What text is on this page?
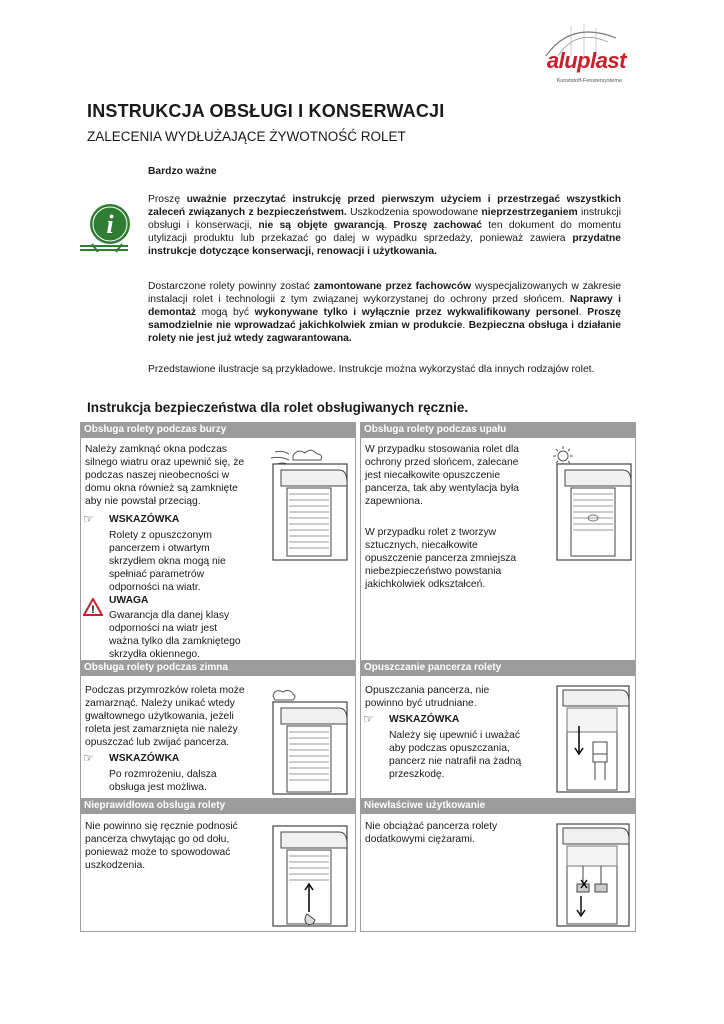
aluplast
Kunststoff-Fenstersysteme
INSTRUKCJA OBSŁUGI I KONSERWACJI
ZALECENIA WYDŁUŻAJĄCE ŻYWOTNOŚĆ ROLET
i
Bardzo ważne
Proszę uważnie przeczytać instrukcję przed pierwszym użyciem i przestrzegać wszystkich zaleceń związanych z bezpieczeństwem. Uszkodzenia spowodowane nieprzestrzeganiem instrukcji obsługi i konserwacji, nie są objęte gwarancją. Proszę zachować ten dokument do momentu utylizacji produktu lub przekazać go dalej w wypadku sprzedaży, ponieważ zawiera przydatne instrukcje dotyczące konserwacji, renowacji i użytkowania.
Dostarczone rolety powinny zostać zamontowane przez fachowców wyspecjalizowanych w zakresie instalacji rolet i technologii z tym związanej wykorzystanej do ochrony przed słońcem. Naprawy i demontaż mogą być wykonywane tylko i wyłącznie przez wykwalifikowany personel. Proszę samodzielnie nie wprowadzać jakichkolwiek zmian w produkcie. Bezpieczna obsługa i działanie rolety nie jest już wtedy zagwarantowana.
Przedstawione ilustracje są przykładowe. Instrukcje można wykorzystać dla innych rodzajów rolet.
Instrukcja bezpieczeństwa dla rolet obsługiwanych ręcznie.
Obsługa rolety podczas burzy	Obsługa rolety podczas upału
Należy zamknąć okna podczas
silnego wiatru oraz upewnić się, że
podczas naszej nieobecności w
domu okna również są zamknięte
aby nie powstał przeciąg.
☞ WSKAZÓWKA
Rolety z opuszczonym
pancerzem i otwartym
skrzydłem okna mogą nie
spełniać parametrów
odporności na wiatr.
!
UWAGA
Gwarancja dla danej klasy
odporności na wiatr jest
ważna tylko dla zamkniętego
skrzydła okiennego.
W przypadku stosowania rolet dla
ochrony przed słońcem, zalecane
jest niecałkowite opuszczenie
pancerza, tak aby wentylacja była
zapewniona.
W przypadku rolet z tworzyw
sztucznych, niecałkowite
opuszczenie pancerza zmniejsza
niebezpieczeństwo powstania
jakichkolwiek odkształceń.
Obsługa rolety podczas zimna	Opuszczanie pancerza rolety
Podczas przymrozków roleta może
zamarznąć. Należy unikać wtedy
gwałtownego użytkowania, jeżeli
roleta jest zamarznięta nie należy
opuszczać lub zwijać pancerza.
☞ WSKAZÓWKA
Po rozmrożeniu, dalsza
obsługa jest możliwa.
Opuszczania pancerza, nie
powinno być utrudniane.
☞ WSKAZÓWKA
Należy się upewnić i uważać
aby podczas opuszczania,
pancerz nie natrafił na żadną
przeszkodę.
Nieprawidłowa obsługa rolety	Niewłaściwe użytkowanie
Nie powinno się ręcznie podnosić
pancerza chwytając go od dołu,
ponieważ może to spowodować
uszkodzenia.
Nie obciążać pancerza rolety
dodatkowymi ciężarami.
